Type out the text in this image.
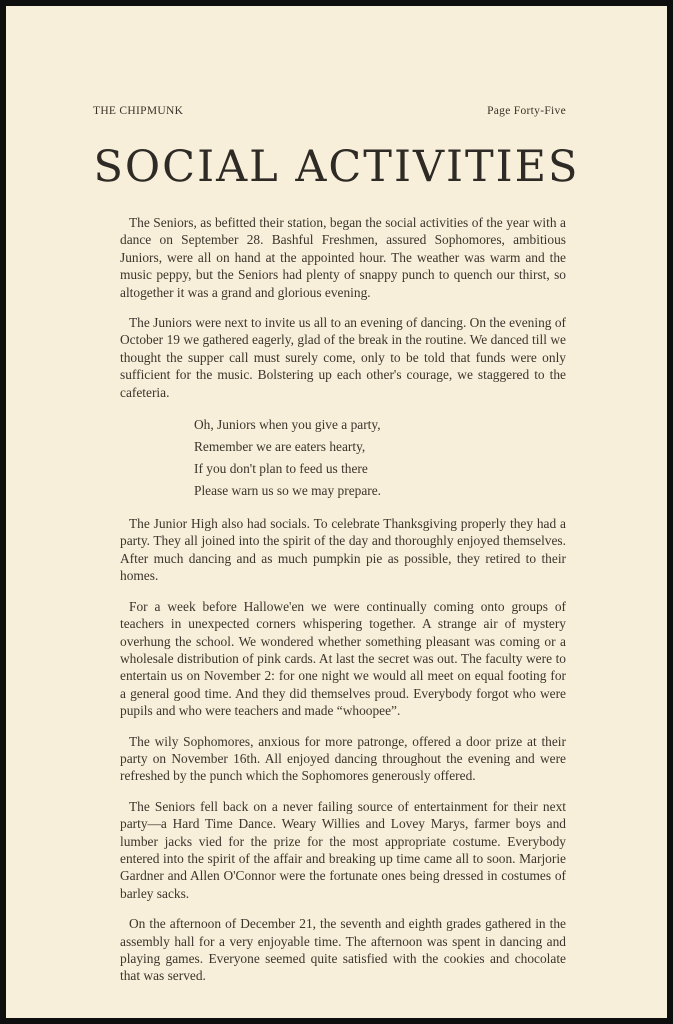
THE CHIPMUNK	Page Forty-Five
SOCIAL ACTIVITIES

The Seniors, as befitted their station, began the social activities of the year with a dance on September 28. Bashful Freshmen, assured Sophomores, ambitious Juniors, were all on hand at the appointed hour. The weather was warm and the music peppy, but the Seniors had plenty of snappy punch to quench our thirst, so altogether it was a grand and glorious evening.

The Juniors were next to invite us all to an evening of dancing. On the evening of October 19 we gathered eagerly, glad of the break in the routine. We danced till we thought the supper call must surely come, only to be told that funds were only sufficient for the music. Bolstering up each other's courage, we staggered to the cafeteria.

Oh, Juniors when you give a party,
Remember we are eaters hearty,
If you don't plan to feed us there
Please warn us so we may prepare.

The Junior High also had socials. To celebrate Thanksgiving properly they had a party. They all joined into the spirit of the day and thoroughly enjoyed themselves. After much dancing and as much pumpkin pie as possible, they retired to their homes.

For a week before Hallowe'en we were continually coming onto groups of teachers in unexpected corners whispering together. A strange air of mystery overhung the school. We wondered whether something pleasant was coming or a wholesale distribution of pink cards. At last the secret was out. The faculty were to entertain us on November 2: for one night we would all meet on equal footing for a general good time. And they did themselves proud. Everybody forgot who were pupils and who were teachers and made “whoopee”.

The wily Sophomores, anxious for more patronge, offered a door prize at their party on November 16th. All enjoyed dancing throughout the evening and were refreshed by the punch which the Sophomores generously offered.

The Seniors fell back on a never failing source of entertainment for their next party—a Hard Time Dance. Weary Willies and Lovey Marys, farmer boys and lumber jacks vied for the prize for the most appropriate costume. Everybody entered into the spirit of the affair and breaking up time came all to soon. Marjorie Gardner and Allen O'Connor were the fortunate ones being dressed in costumes of barley sacks.

On the afternoon of December 21, the seventh and eighth grades gathered in the assembly hall for a very enjoyable time. The afternoon was spent in dancing and playing games. Everyone seemed quite satisfied with the cookies and chocolate that was served.
